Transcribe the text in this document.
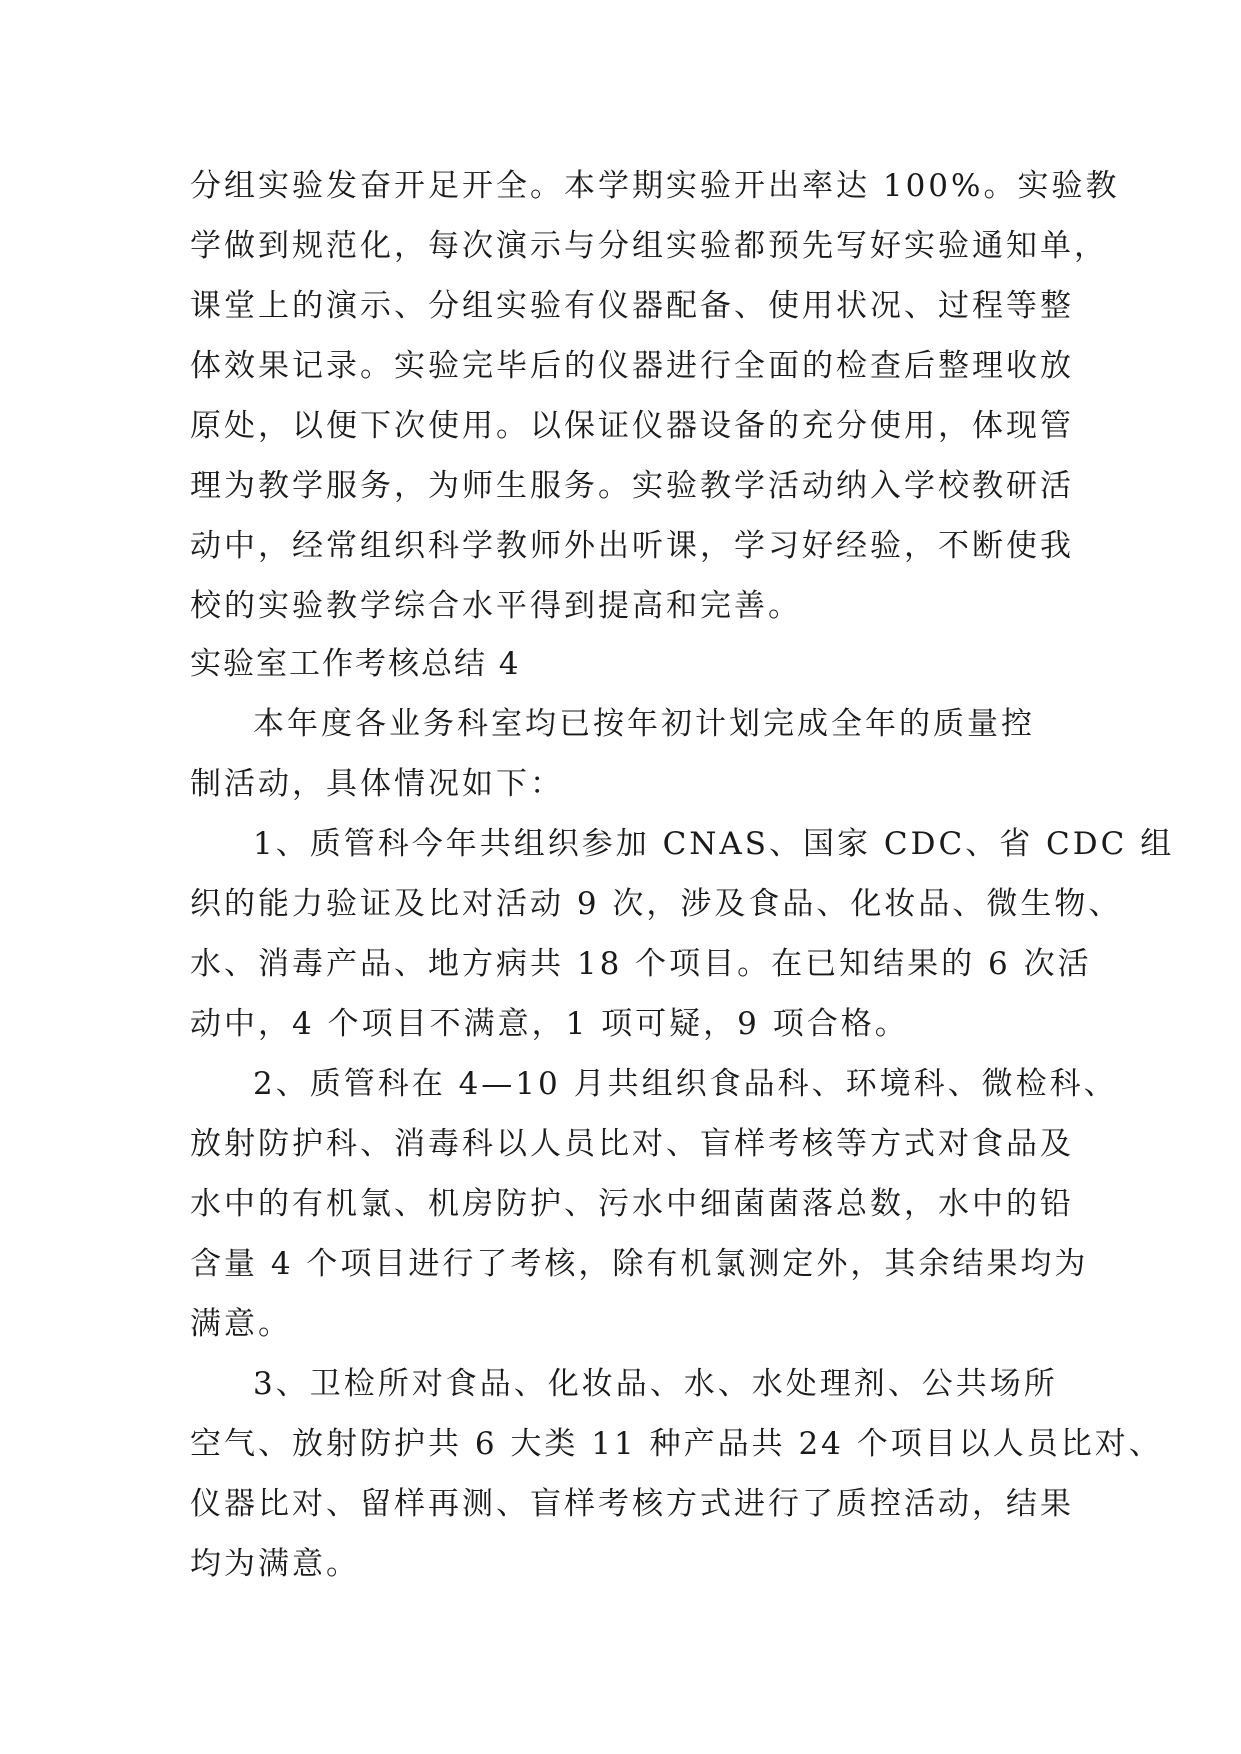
分组实验发奋开足开全。本学期实验开出率达 100%。实验教
学做到规范化，每次演示与分组实验都预先写好实验通知单，
课堂上的演示、分组实验有仪器配备、使用状况、过程等整
体效果记录。实验完毕后的仪器进行全面的检查后整理收放
原处，以便下次使用。以保证仪器设备的充分使用，体现管
理为教学服务，为师生服务。实验教学活动纳入学校教研活
动中，经常组织科学教师外出听课，学习好经验，不断使我
校的实验教学综合水平得到提高和完善。
实验室工作考核总结 4
本年度各业务科室均已按年初计划完成全年的质量控
制活动，具体情况如下：
1、质管科今年共组织参加 CNAS、国家 CDC、省 CDC 组
织的能力验证及比对活动 9 次，涉及食品、化妆品、微生物、
水、消毒产品、地方病共 18 个项目。在已知结果的 6 次活
动中，4 个项目不满意，1 项可疑，9 项合格。
2、质管科在 4—10 月共组织食品科、环境科、微检科、
放射防护科、消毒科以人员比对、盲样考核等方式对食品及
水中的有机氯、机房防护、污水中细菌菌落总数，水中的铅
含量 4 个项目进行了考核，除有机氯测定外，其余结果均为
满意。
3、卫检所对食品、化妆品、水、水处理剂、公共场所
空气、放射防护共 6 大类 11 种产品共 24 个项目以人员比对、
仪器比对、留样再测、盲样考核方式进行了质控活动，结果
均为满意。
